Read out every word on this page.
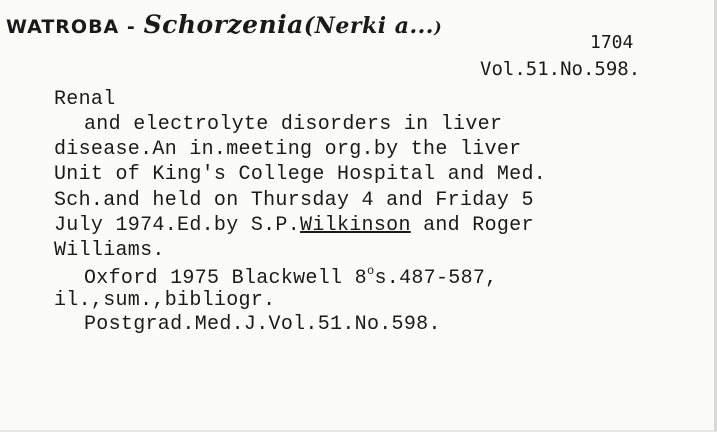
WATROBA - Schorzenia(Nerki a...)
1704
Vol.51.No.598.
Renal
and electrolyte disorders in liver
disease.An in.meeting org.by the liver
Unit of King's College Hospital and Med.
Sch.and held on Thursday 4 and Friday 5
July 1974.Ed.by S.P.Wilkinson and Roger
Williams.
Oxford 1975 Blackwell 8$^o$s.487-587,
il.,sum.,bibliogr.
Postgrad.Med.J.Vol.51.No.598.
